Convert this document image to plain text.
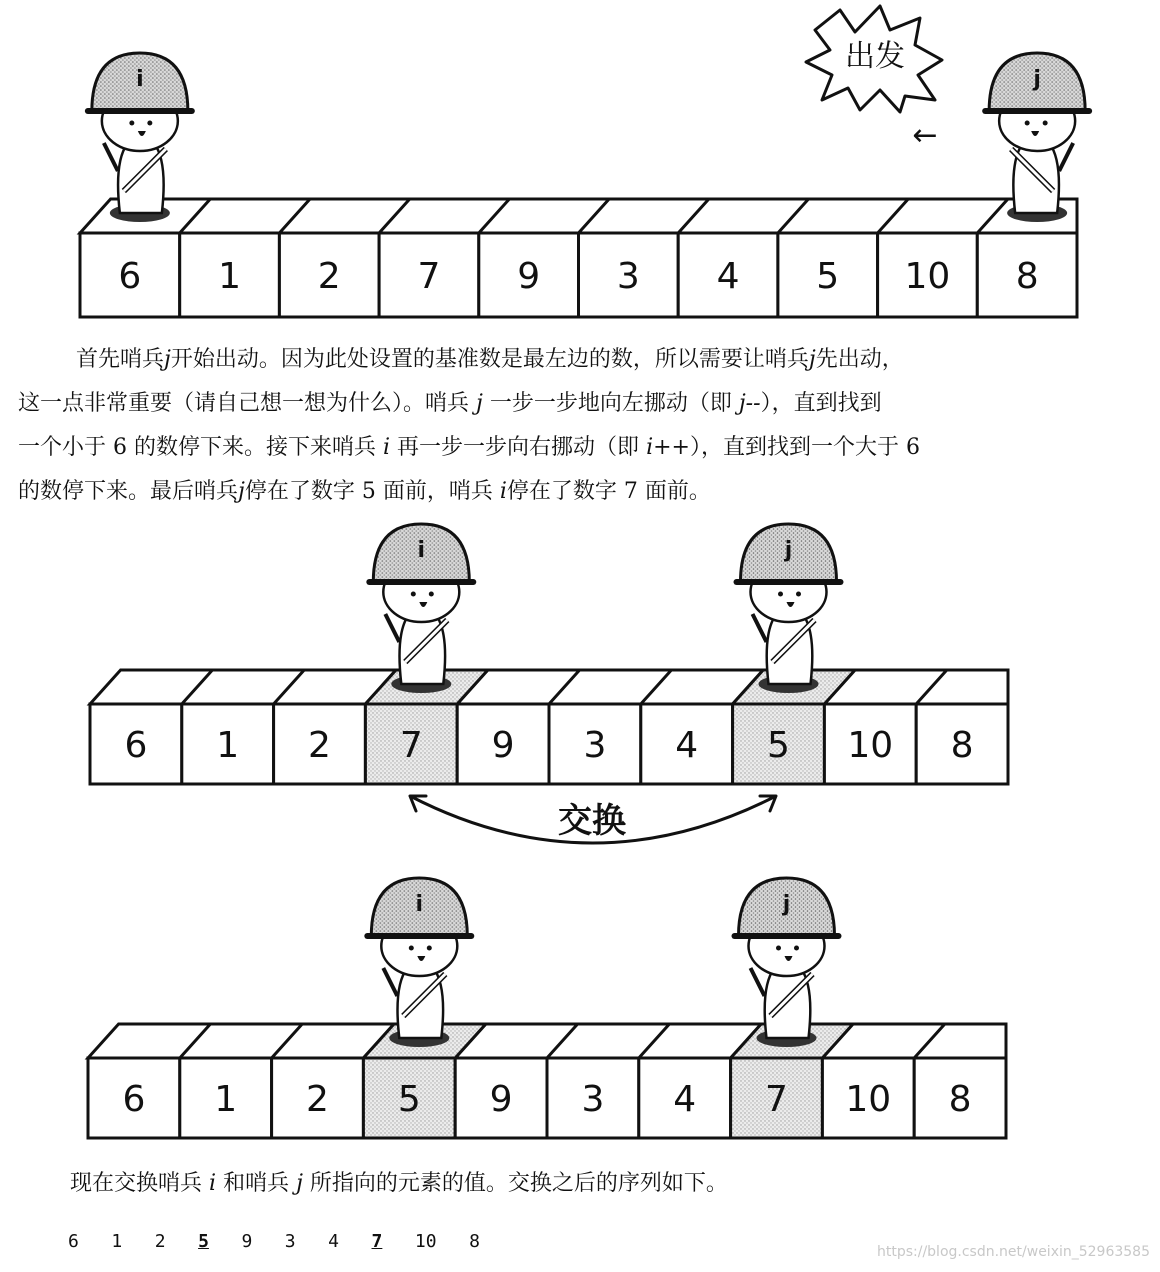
6 1 2 7 9 3 4 5 10 8
6 1 2 7 9 3 4 5 10 8
6 1 2 5 9 3 4 7 10 8
i	j
i	j
i	j
出发
←
交换
首先哨兵j开始出动。因为此处设置的基准数是最左边的数，所以需要让哨兵j先出动，
这一点非常重要（请自己想一想为什么）。哨兵 j 一步一步地向左挪动（即 j--），直到找到
一个小于 6 的数停下来。接下来哨兵 i 再一步一步向右挪动（即 i++），直到找到一个大于 6
的数停下来。最后哨兵j停在了数字 5 面前，哨兵 i停在了数字 7 面前。
现在交换哨兵 i 和哨兵 j 所指向的元素的值。交换之后的序列如下。
6 1 2 5 9 3 4 7 10 8	https://blog.csdn.net/weixin_52963585
